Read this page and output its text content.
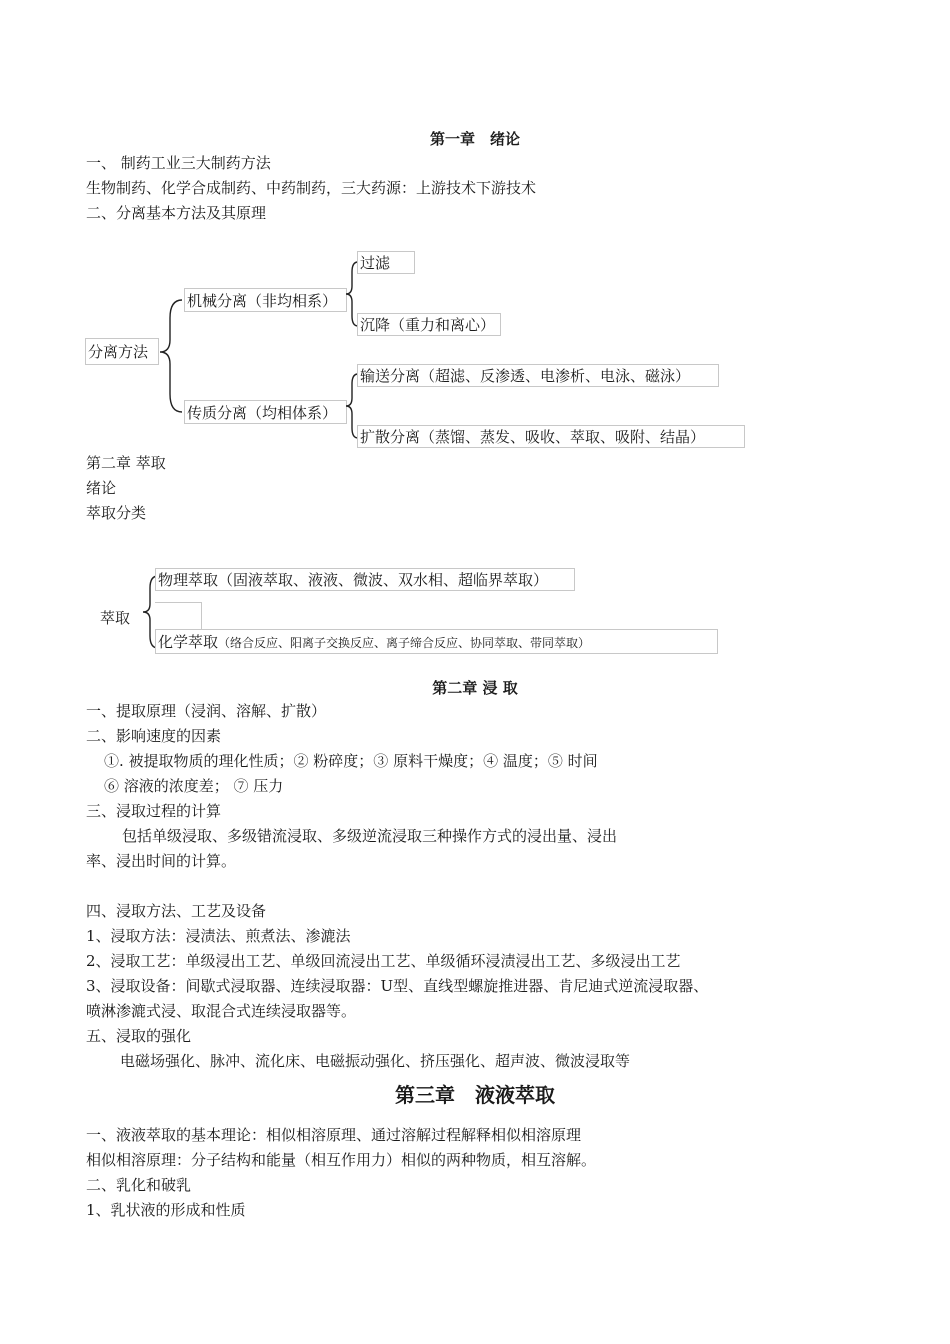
第一章　绪论
一、 制药工业三大制药方法
生物制药、化学合成制药、中药制药，三大药源：上游技术下游技术
二、分离基本方法及其原理
分离方法
机械分离（非均相系）
过滤
沉降（重力和离心）
传质分离（均相体系）
输送分离（超滤、反渗透、电渗析、电泳、磁泳）
扩散分离（蒸馏、蒸发、吸收、萃取、吸附、结晶）
第二章 萃取
绪论
萃取分类
萃取
物理萃取（固液萃取、液液、微波、双水相、超临界萃取）
化学萃取（络合反应、阳离子交换反应、离子缔合反应、协同萃取、带同萃取）
第二章 浸 取
一、提取原理（浸润、溶解、扩散）
二、影响速度的因素
①. 被提取物质的理化性质；② 粉碎度；③ 原料干燥度；④ 温度；⑤ 时间
⑥ 溶液的浓度差； ⑦ 压力
三、浸取过程的计算
包括单级浸取、多级错流浸取、多级逆流浸取三种操作方式的浸出量、浸出
率、浸出时间的计算。
四、浸取方法、工艺及设备
1、浸取方法：浸渍法、煎煮法、渗漉法
2、浸取工艺：单级浸出工艺、单级回流浸出工艺、单级循环浸渍浸出工艺、多级浸出工艺
3、浸取设备：间歇式浸取器、连续浸取器：U型、直线型螺旋推进器、肯尼迪式逆流浸取器、
喷淋渗漉式浸、取混合式连续浸取器等。
五、浸取的强化
电磁场强化、脉冲、流化床、电磁振动强化、挤压强化、超声波、微波浸取等
第三章　液液萃取
一、液液萃取的基本理论：相似相溶原理、通过溶解过程解释相似相溶原理
相似相溶原理：分子结构和能量（相互作用力）相似的两种物质，相互溶解。
二、乳化和破乳
1、乳状液的形成和性质
